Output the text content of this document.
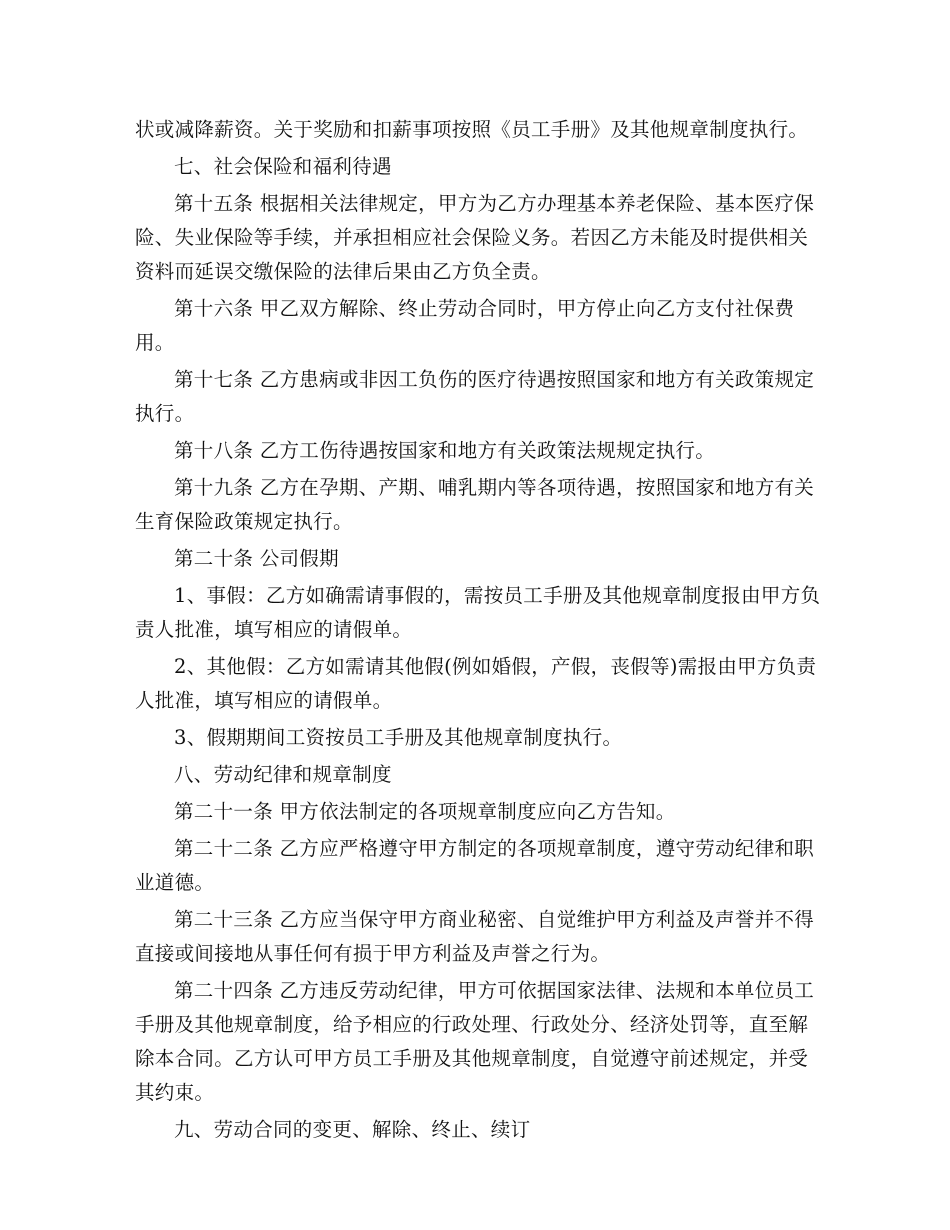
状或减降薪资。关于奖励和扣薪事项按照《员工手册》及其他规章制度执行。

七、社会保险和福利待遇

第十五条 根据相关法律规定，甲方为乙方办理基本养老保险、基本医疗保险、失业保险等手续，并承担相应社会保险义务。若因乙方未能及时提供相关资料而延误交缴保险的法律后果由乙方负全责。

第十六条 甲乙双方解除、终止劳动合同时，甲方停止向乙方支付社保费用。

第十七条 乙方患病或非因工负伤的医疗待遇按照国家和地方有关政策规定执行。

第十八条 乙方工伤待遇按国家和地方有关政策法规规定执行。

第十九条 乙方在孕期、产期、哺乳期内等各项待遇，按照国家和地方有关生育保险政策规定执行。

第二十条 公司假期

1、事假：乙方如确需请事假的，需按员工手册及其他规章制度报由甲方负责人批准，填写相应的请假单。

2、其他假：乙方如需请其他假(例如婚假，产假，丧假等)需报由甲方负责人批准，填写相应的请假单。

3、假期期间工资按员工手册及其他规章制度执行。

八、劳动纪律和规章制度

第二十一条 甲方依法制定的各项规章制度应向乙方告知。

第二十二条 乙方应严格遵守甲方制定的各项规章制度，遵守劳动纪律和职业道德。

第二十三条 乙方应当保守甲方商业秘密、自觉维护甲方利益及声誉并不得直接或间接地从事任何有损于甲方利益及声誉之行为。

第二十四条 乙方违反劳动纪律，甲方可依据国家法律、法规和本单位员工手册及其他规章制度，给予相应的行政处理、行政处分、经济处罚等，直至解除本合同。乙方认可甲方员工手册及其他规章制度，自觉遵守前述规定，并受其约束。

九、劳动合同的变更、解除、终止、续订
